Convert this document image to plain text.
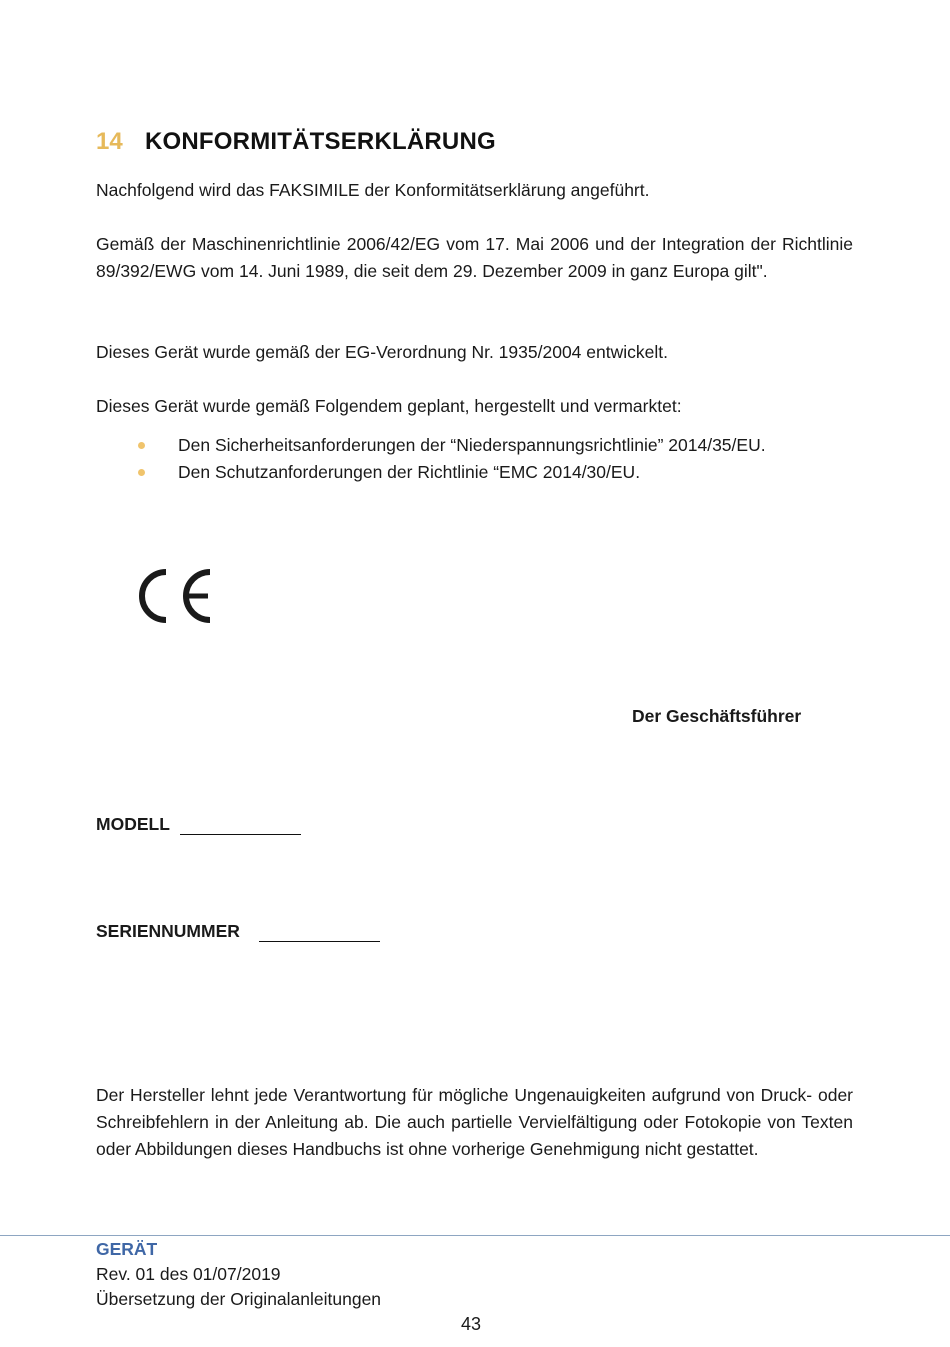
14 KONFORMITÄTSERKLÄRUNG

Nachfolgend wird das FAKSIMILE der Konformitätserklärung angeführt.

Gemäß der Maschinenrichtlinie 2006/42/EG vom 17. Mai 2006 und der Integration der Richtlinie 89/392/EWG vom 14. Juni 1989, die seit dem 29. Dezember 2009 in ganz Europa gilt".

Dieses Gerät wurde gemäß der EG-Verordnung Nr. 1935/2004 entwickelt.

Dieses Gerät wurde gemäß Folgendem geplant, hergestellt und vermarktet:

Den Sicherheitsanforderungen der “Niederspannungsrichtlinie” 2014/35/EU.
Den Schutzanforderungen der Richtlinie “EMC 2014/30/EU.
Der Geschäftsführer
MODELL
SERIENNUMMER

Der Hersteller lehnt jede Verantwortung für mögliche Ungenauigkeiten aufgrund von Druck- oder Schreibfehlern in der Anleitung ab. Die auch partielle Vervielfältigung oder Fotokopie von Texten oder Abbildungen dieses Handbuchs ist ohne vorherige Genehmigung nicht gestattet.

GERÄT
Rev. 01 des 01/07/2019
Übersetzung der Originalanleitungen
43
